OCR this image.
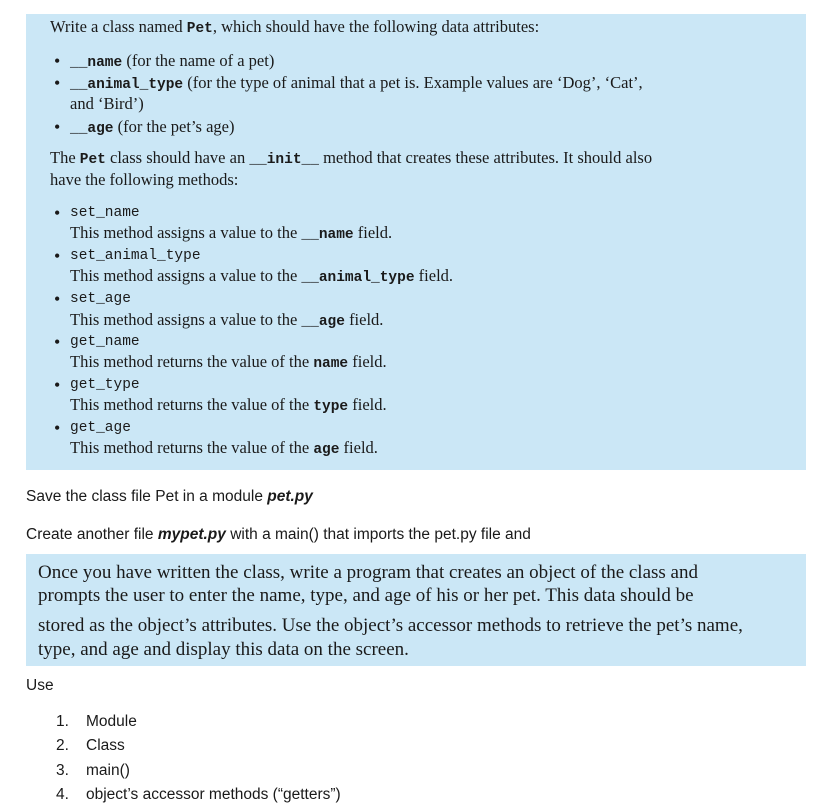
Write a class named Pet, which should have the following data attributes:
• __name (for the name of a pet)
• __animal_type (for the type of animal that a pet is. Example values are ‘Dog’, ‘Cat’,
and ‘Bird’)
• __age (for the pet’s age)
The Pet class should have an __init__ method that creates these attributes. It should also
have the following methods:
• set_name
This method assigns a value to the __name field.
• set_animal_type
This method assigns a value to the __animal_type field.
• set_age
This method assigns a value to the __age field.
• get_name
This method returns the value of the name field.
• get_type
This method returns the value of the type field.
• get_age
This method returns the value of the age field.
Save the class file Pet in a module pet.py
Create another file mypet.py with a main() that imports the pet.py file and
Once you have written the class, write a program that creates an object of the class and
prompts the user to enter the name, type, and age of his or her pet. This data should be
stored as the object’s attributes. Use the object’s accessor methods to retrieve the pet’s name,
type, and age and display this data on the screen.
Use
1. Module
2. Class
3. main()
4. object’s accessor methods (“getters”)
